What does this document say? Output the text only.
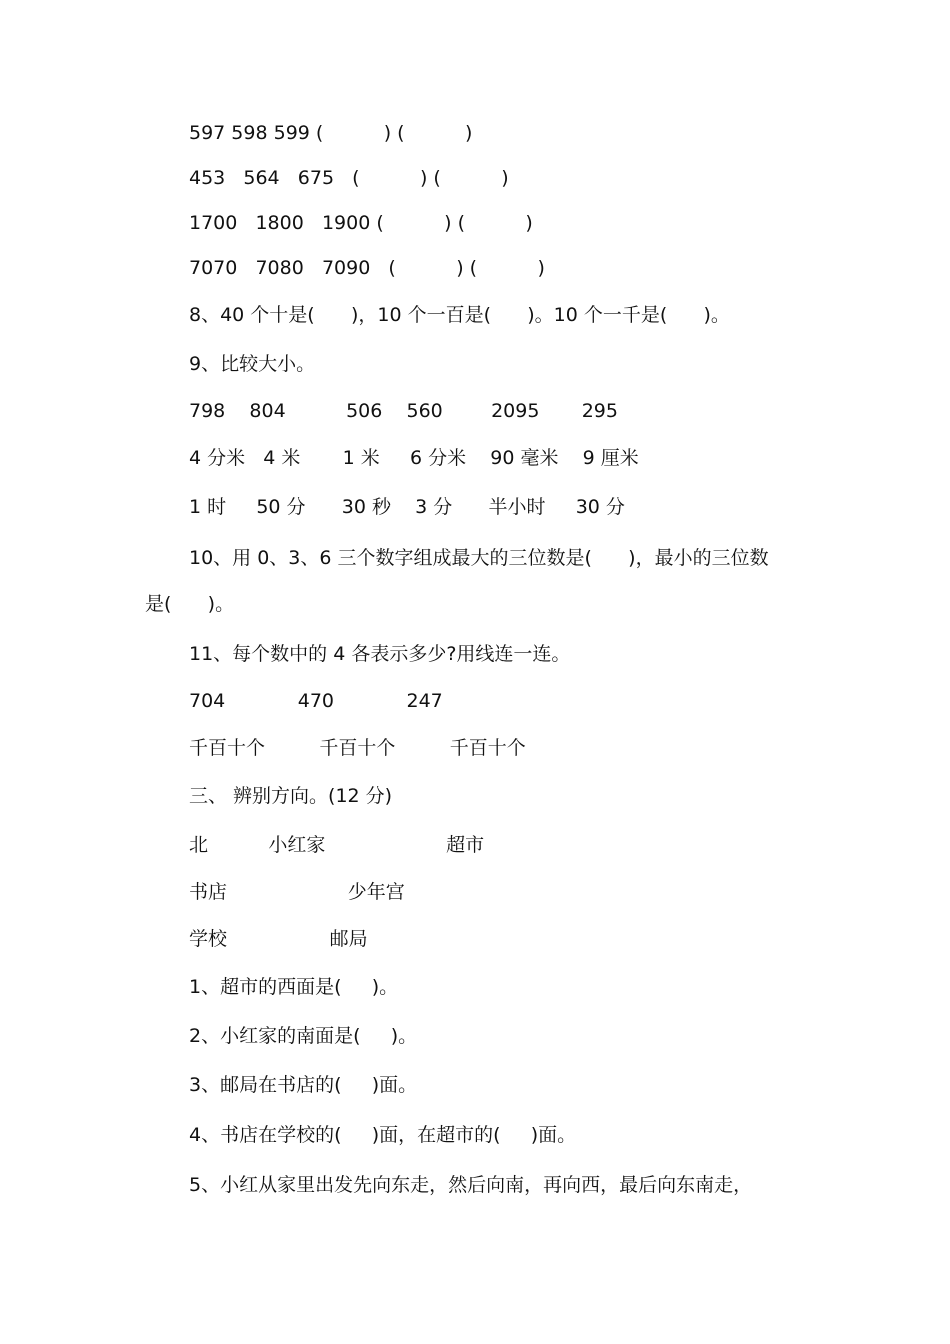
597 598 599 (          ) (          )
453   564   675   (          ) (          )
1700   1800   1900 (          ) (          )
7070   7080   7090   (          ) (          )
8、40 个十是(      )，10 个一百是(      )。10 个一千是(      )。
9、比较大小。
798    804          506    560        2095       295
4 分米   4 米       1 米     6 分米    90 毫米    9 厘米
1 时     50 分      30 秒    3 分      半小时     30 分
10、用 0、3、6 三个数字组成最大的三位数是(      )，最小的三位数
是(      )。
11、每个数中的 4 各表示多少?用线连一连。
704            470            247
千百十个         千百十个         千百十个
三、 辨别方向。(12 分)
北          小红家                    超市
书店                    少年宫
学校                 邮局
1、超市的西面是(     )。
2、小红家的南面是(     )。
3、邮局在书店的(     )面。
4、书店在学校的(     )面，在超市的(     )面。
5、小红从家里出发先向东走，然后向南，再向西，最后向东南走，
